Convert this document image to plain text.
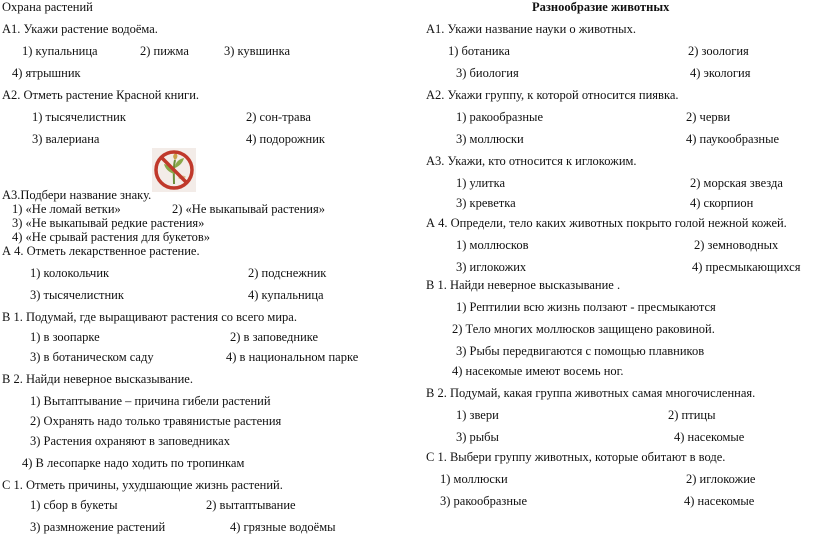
Охрана растений
А1. Укажи растение водоёма.
1) купальница	2) пижма	3) кувшинка
4) ятрышник
А2. Отметь растение Красной книги.
1) тысячелистник	2) сон-трава
3) валериана	4) подорожник
А3.Подбери название знаку.
1) «Не ломай ветки»	2) «Не выкапывай растения»
3) «Не выкапывай редкие растения»
4) «Не срывай растения для букетов»
А 4. Отметь лекарственное растение.
1) колокольчик	2) подснежник
3) тысячелистник	4) купальница
В 1. Подумай, где выращивают растения со всего мира.
1) в зоопарке	2) в заповеднике
3) в ботаническом саду	4) в национальном парке
В 2. Найди неверное высказывание.
1) Вытаптывание – причина гибели растений
2) Охранять надо только травянистые растения
3) Растения охраняют в заповедниках
4) В лесопарке надо ходить по тропинкам
С 1. Отметь причины, ухудшающие жизнь растений.
1) сбор в букеты	2) вытаптывание
3) размножение растений	4) грязные водоёмы
Разнообразие животных
А1. Укажи название науки о животных.
1) ботаника	2) зоология
3) биология	4) экология
А2. Укажи группу, к которой относится пиявка.
1) ракообразные	2) черви
3) моллюски	4) паукообразные
А3. Укажи, кто относится к иглокожим.
1) улитка	2) морская звезда
3) креветка	4) скорпион
А 4. Определи, тело каких животных покрыто голой нежной кожей.
1) моллюсков	2) земноводных
3) иглокожих	4) пресмыкающихся
В 1. Найди неверное высказывание .
1) Рептилии всю жизнь ползают - пресмыкаются
2) Тело многих моллюсков защищено раковиной.
3) Рыбы передвигаются с помощью плавников
4) насекомые имеют восемь ног.
В 2. Подумай, какая группа животных самая многочисленная.
1) звери	2) птицы
3) рыбы	4) насекомые
С 1. Выбери группу животных, которые обитают в воде.
1) моллюски	2) иглокожие
3) ракообразные	4) насекомые
